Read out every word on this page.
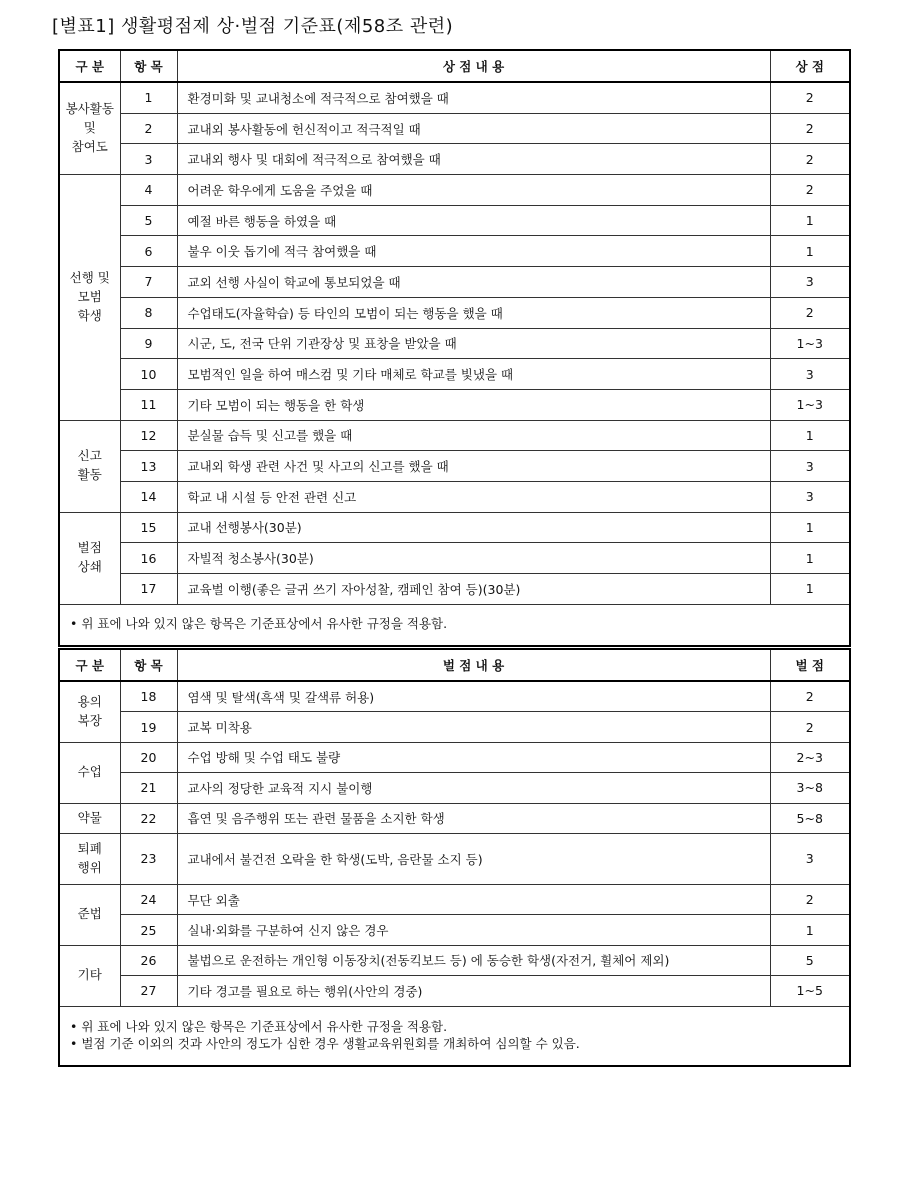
[별표1] 생활평점제 상·벌점 기준표(제58조 관련)
구 분	항 목	상 점 내 용	상 점
봉사활동
및
참여도	1	환경미화 및 교내청소에 적극적으로 참여했을 때	2
	2	교내외 봉사활동에 헌신적이고 적극적일 때	2
	3	교내외 행사 및 대회에 적극적으로 참여했을 때	2
선행 및
모범
학생	4	어려운 학우에게 도움을 주었을 때	2
	5	예절 바른 행동을 하였을 때	1
	6	불우 이웃 돕기에 적극 참여했을 때	1
	7	교외 선행 사실이 학교에 통보되었을 때	3
	8	수업태도(자율학습) 등 타인의 모범이 되는 행동을 했을 때	2
	9	시군, 도, 전국 단위 기관장상 및 표창을 받았을 때	1~3
	10	모범적인 일을 하여 매스컴 및 기타 매체로 학교를 빛냈을 때	3
	11	기타 모범이 되는 행동을 한 학생	1~3
신고
활동	12	분실물 습득 및 신고를 했을 때	1
	13	교내외 학생 관련 사건 및 사고의 신고를 했을 때	3
	14	학교 내 시설 등 안전 관련 신고	3
벌점
상쇄	15	교내 선행봉사(30분)	1
	16	자빌적 청소봉사(30분)	1
	17	교육벌 이행(좋은 글귀 쓰기 자아성찰, 캠페인 참여 등)(30분)	1

• 위 표에 나와 있지 않은 항목은 기준표상에서 유사한 규정을 적용함.			
구 분	항 목	벌 점 내 용	벌 점
용의
복장	18	염색 및 탈색(흑색 및 갈색류 허용)	2
	19	교복 미착용	2
수업	20	수업 방해 및 수업 태도 불량	2~3
	21	교사의 정당한 교육적 지시 불이행	3~8
약물	22	흡연 및 음주행위 또는 관련 물품을 소지한 학생	5~8
퇴폐
행위	23	교내에서 불건전 오락을 한 학생(도박, 음란물 소지 등)	3
준법	24	무단 외출	2
	25	실내·외화를 구분하여 신지 않은 경우	1
기타	26	불법으로 운전하는 개인형 이동장치(전동킥보드 등) 에 동승한 학생(자전거, 휠체어 제외)	5
	27	기타 경고를 필요로 하는 행위(사안의 경중)	1~5

• 위 표에 나와 있지 않은 항목은 기준표상에서 유사한 규정을 적용함.
• 벌점 기준 이외의 것과 사안의 정도가 심한 경우 생활교육위원회를 개최하여 심의할 수 있음.			
